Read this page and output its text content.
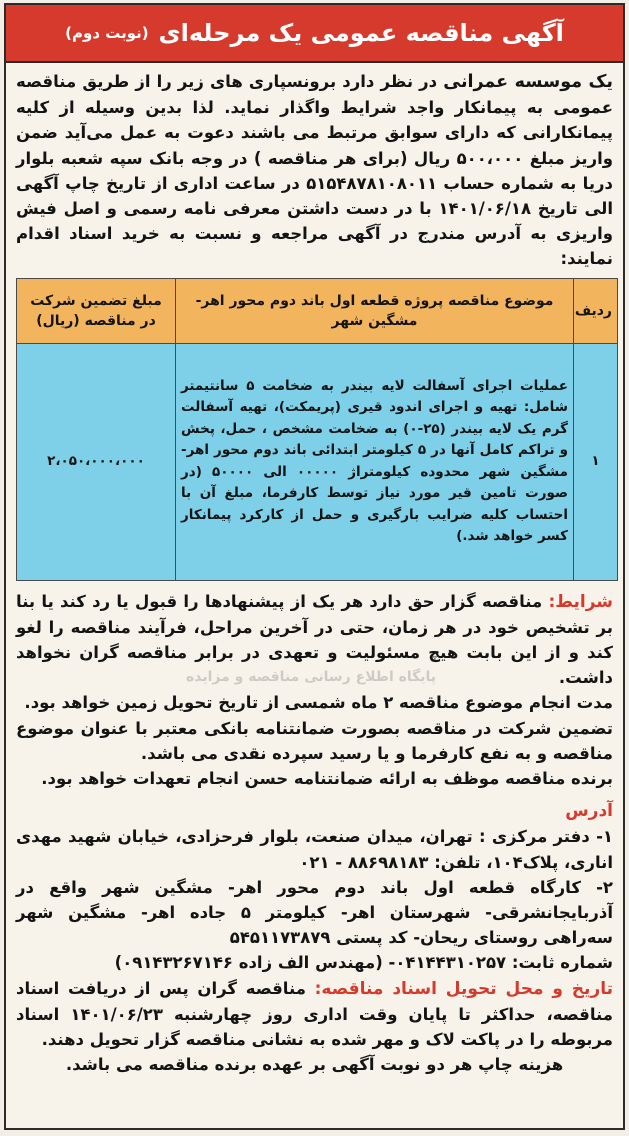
آگهی مناقصه عمومی یک مرحله‌ای
(نوبت دوم)
یک موسسه عمرانی در نظر دارد برونسپاری های زیر را از طریق مناقصه عمومی به پیمانکار واجد شرایط واگذار نماید. لذا بدین وسیله از کلیه پیمانکارانی که دارای سوابق مرتبط می باشند دعوت به عمل می‌آید ضمن واریز مبلغ ۵۰۰،۰۰۰ ریال (برای هر مناقصه ) در وجه بانک سپه شعبه بلوار دریا به شماره حساب ۵۱۵۴۸۷۸۱۰۸۰۱۱ در ساعت اداری از تاریخ چاپ آگهی الی تاریخ ۱۴۰۱/۰۶/۱۸ با در دست داشتن معرفی نامه رسمی و اصل فیش واریزی به آدرس مندرج در آگهی مراجعه و نسبت به خرید اسناد اقدام نمایند:
ردیف	موضوع مناقصه پروژه قطعه اول باند دوم محور اهر- مشگین شهر	مبلغ تضمین شرکت در مناقصه (ریال)
۱	عملیات اجرای آسفالت لایه بیندر به ضخامت ۵ سانتیمتر شامل: تهیه و اجرای اندود قیری (پریمکت)، تهیه آسفالت گرم یک لایه بیندر (۲۵-۰) به ضخامت مشخص ، حمل، پخش و تراکم کامل آنها در ۵ کیلومتر ابتدائی باند دوم محور اهر- مشگین شهر محدوده کیلومتراژ ۰۰۰۰۰ الی ۵۰۰۰۰ (در صورت تامین قیر مورد نیاز توسط کارفرما، مبلغ آن با احتساب کلیه ضرایب بارگیری و حمل از کارکرد پیمانکار کسر خواهد شد.)	۲،۰۵۰،۰۰۰،۰۰۰
شرایط: مناقصه گزار حق دارد هر یک از پیشنهادها را قبول یا رد کند یا بنا بر تشخیص خود در هر زمان، حتی در آخرین مراحل، فرآیند مناقصه را لغو کند و از این بابت هیچ مسئولیت و تعهدی در برابر مناقصه گران نخواهد داشت.
مدت انجام موضوع مناقصه ۲ ماه شمسی از تاریخ تحویل زمین خواهد بود.
تضمین شرکت در مناقصه بصورت ضمانتنامه بانکی معتبر با عنوان موضوع مناقصه و به نفع کارفرما و یا رسید سپرده نقدی می باشد.
برنده مناقصه موظف به ارائه ضمانتنامه حسن انجام تعهدات خواهد بود.
آدرس

۱- دفتر مرکزی : تهران، میدان صنعت، بلوار فرحزادی، خیابان شهید مهدی اناری، پلاک۱۰۴، تلفن: ۸۸۶۹۸۱۸۳ - ۰۲۱

۲- کارگاه قطعه اول باند دوم محور اهر- مشگین شهر واقع در آذربایجانشرقی- شهرستان اهر- کیلومتر ۵ جاده اهر- مشگین شهر سه‌راهی روستای ریحان- کد پستی ۵۴۵۱۱۷۳۸۷۹

شماره ثابت: ۰۴۱۴۴۳۱۰۲۵۷- (مهندس الف زاده ۰۹۱۴۳۲۶۷۱۴۶)

تاریخ و محل تحویل اسناد مناقصه: مناقصه گران پس از دریافت اسناد مناقصه، حداکثر تا پایان وقت اداری روز چهارشنبه ۱۴۰۱/۰۶/۲۳ اسناد مربوطه را در پاکت لاک و مهر شده به نشانی مناقصه گزار تحویل دهند.
هزینه چاپ هر دو نوبت آگهی بر عهده برنده مناقصه می باشد.
پایگاه اطلاع رسانی مناقصه و مزایده
